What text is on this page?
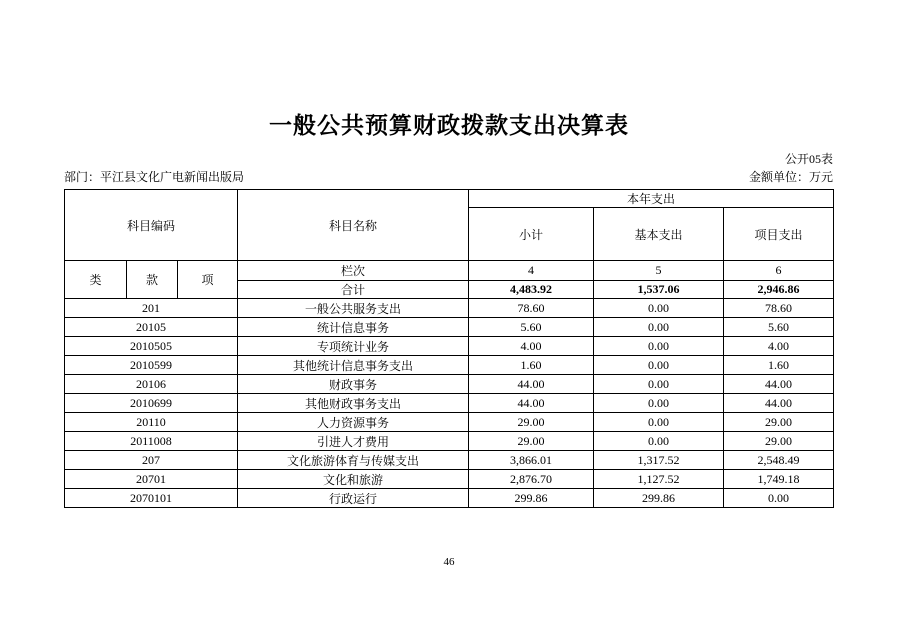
一般公共预算财政拨款支出决算表
公开05表
部门：平江县文化广电新闻出版局	金额单位：万元
科目编码			科目名称	本年支出		
				小计	基本支出	项目支出
类	款	项	栏次	4	5	6
			合计	4,483.92	1,537.06	2,946.86
201			一般公共服务支出	78.60	0.00	78.60
20105			统计信息事务	5.60	0.00	5.60
2010505			专项统计业务	4.00	0.00	4.00
2010599			其他统计信息事务支出	1.60	0.00	1.60
20106			财政事务	44.00	0.00	44.00
2010699			其他财政事务支出	44.00	0.00	44.00
20110			人力资源事务	29.00	0.00	29.00
2011008			引进人才费用	29.00	0.00	29.00
207			文化旅游体育与传媒支出	3,866.01	1,317.52	2,548.49
20701			文化和旅游	2,876.70	1,127.52	1,749.18
2070101			行政运行	299.86	299.86	0.00
46
